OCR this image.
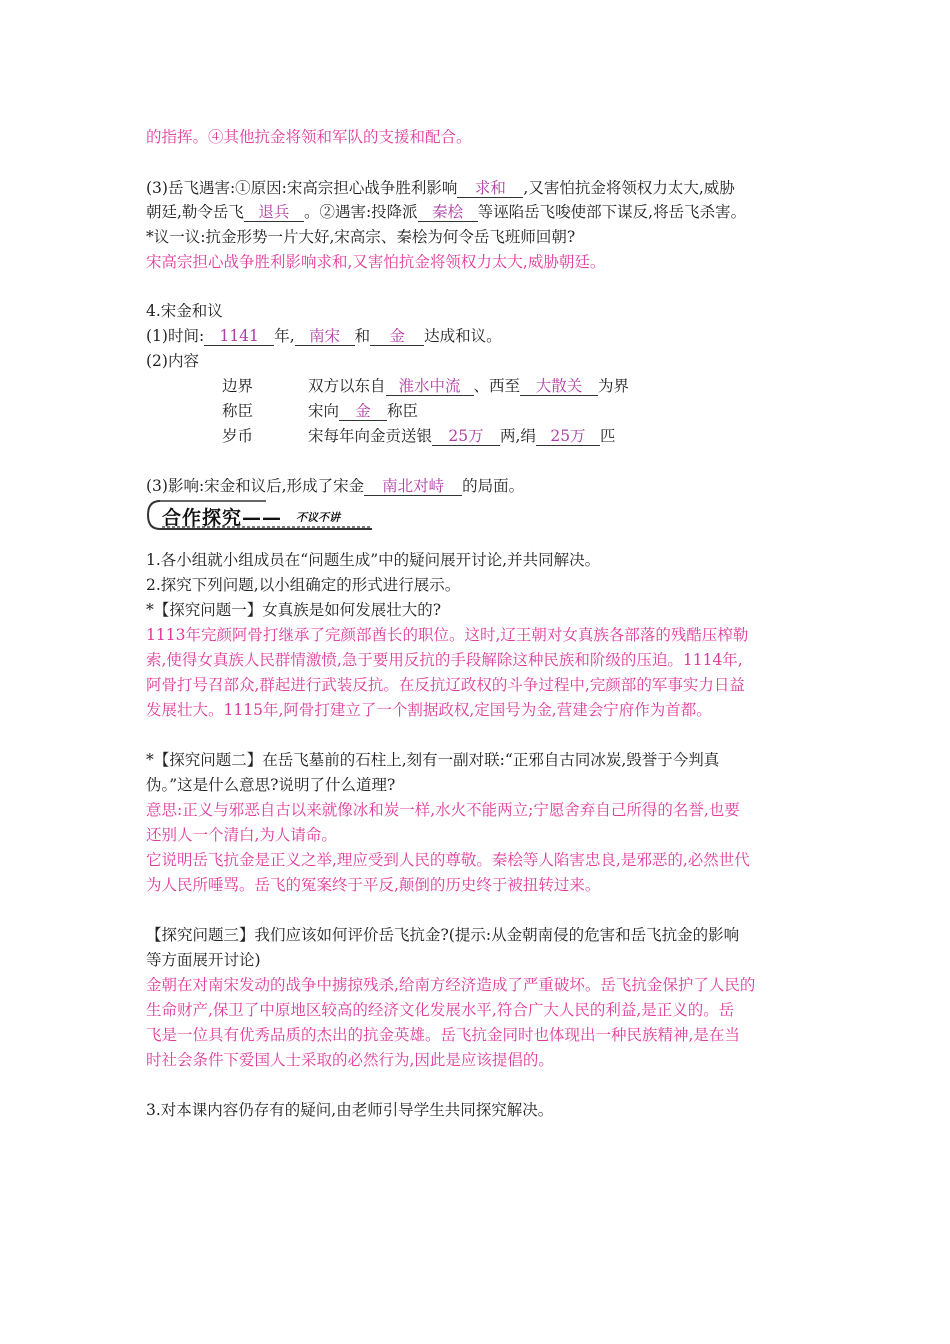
的指挥。④其他抗金将领和军队的支援和配合。
(3)岳飞遇害:①原因:宋高宗担心战争胜利影响 求和 ,又害怕抗金将领权力太大,威胁
朝廷,勒令岳飞 退兵 。②遇害:投降派 秦桧 等诬陷岳飞唆使部下谋反,将岳飞杀害。
*议一议:抗金形势一片大好,宋高宗、秦桧为何令岳飞班师回朝?
宋高宗担心战争胜利影响求和,又害怕抗金将领权力太大,威胁朝廷。
4.宋金和议
(1)时间: 1141 年, 南宋 和 金 达成和议。
(2)内容
边界	双方以东自 淮水中流 、西至 大散关 为界
称臣	宋向 金 称臣
岁币	宋每年向金贡送银 25万 两,绢 25万 匹
(3)影响:宋金和议后,形成了宋金 南北对峙 的局面。
合作探究—— 不议不讲
1.各小组就小组成员在“问题生成”中的疑问展开讨论,并共同解决。
2.探究下列问题,以小组确定的形式进行展示。
*【探究问题一】女真族是如何发展壮大的?
1113年完颜阿骨打继承了完颜部酋长的职位。这时,辽王朝对女真族各部落的残酷压榨勒
索,使得女真族人民群情激愤,急于要用反抗的手段解除这种民族和阶级的压迫。1114年,
阿骨打号召部众,群起进行武装反抗。在反抗辽政权的斗争过程中,完颜部的军事实力日益
发展壮大。1115年,阿骨打建立了一个割据政权,定国号为金,营建会宁府作为首都。
*【探究问题二】在岳飞墓前的石柱上,刻有一副对联:“正邪自古同冰炭,毁誉于今判真
伪。”这是什么意思?说明了什么道理?
意思:正义与邪恶自古以来就像冰和炭一样,水火不能两立;宁愿舍弃自己所得的名誉,也要
还别人一个清白,为人请命。
它说明岳飞抗金是正义之举,理应受到人民的尊敬。秦桧等人陷害忠良,是邪恶的,必然世代
为人民所唾骂。岳飞的冤案终于平反,颠倒的历史终于被扭转过来。
【探究问题三】我们应该如何评价岳飞抗金?(提示:从金朝南侵的危害和岳飞抗金的影响
等方面展开讨论)
金朝在对南宋发动的战争中掳掠残杀,给南方经济造成了严重破坏。岳飞抗金保护了人民的
生命财产,保卫了中原地区较高的经济文化发展水平,符合广大人民的利益,是正义的。岳
飞是一位具有优秀品质的杰出的抗金英雄。岳飞抗金同时也体现出一种民族精神,是在当
时社会条件下爱国人士采取的必然行为,因此是应该提倡的。
3.对本课内容仍存有的疑问,由老师引导学生共同探究解决。
